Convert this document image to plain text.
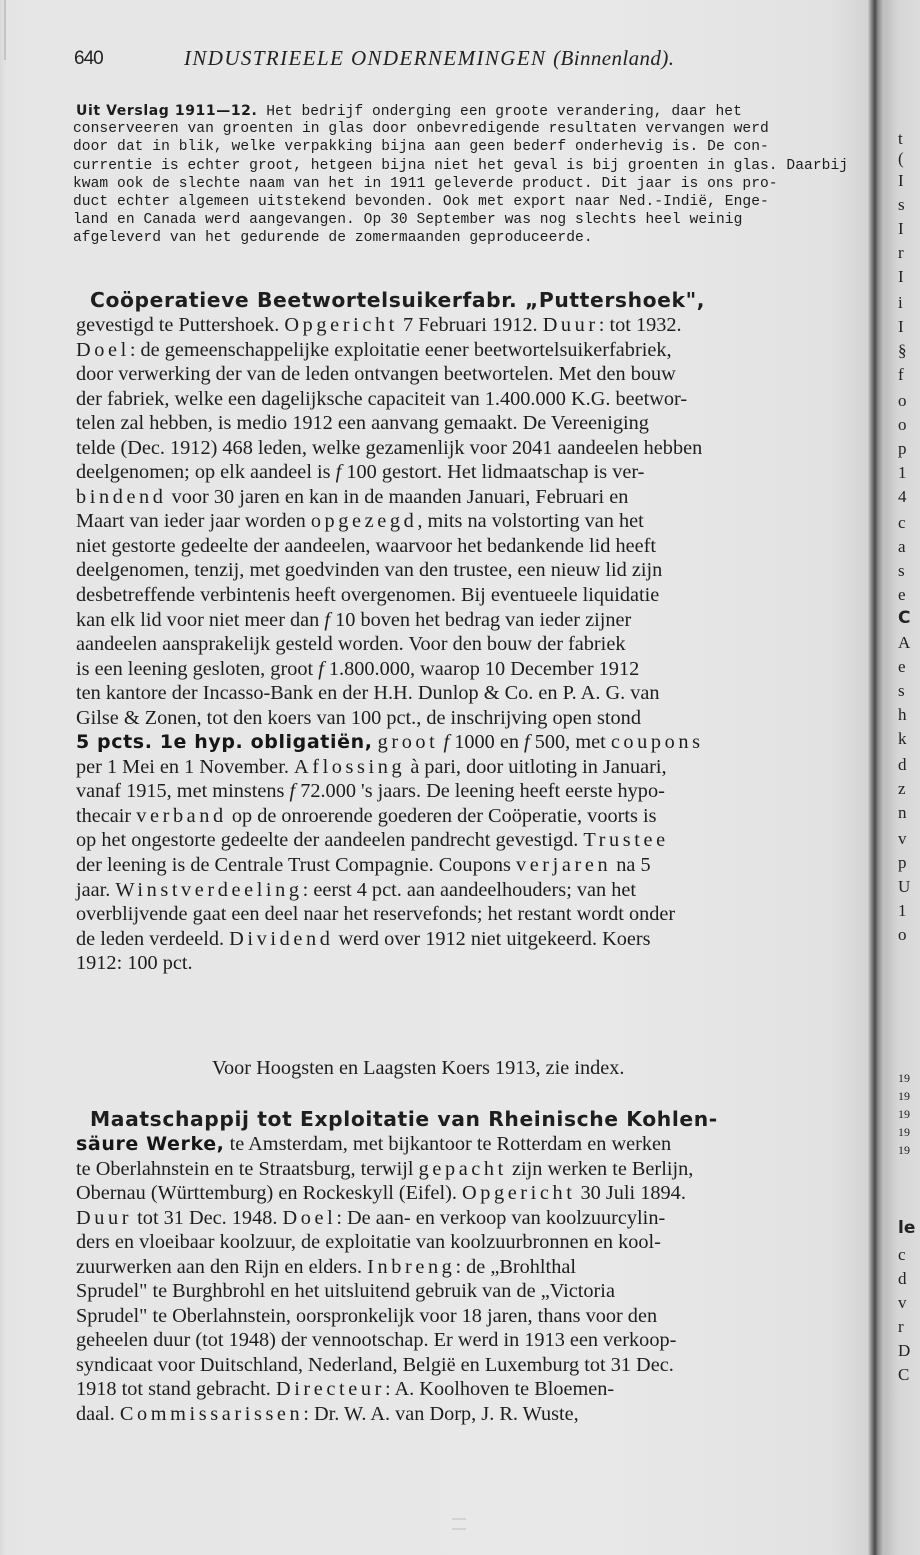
640	INDUSTRIEELE ONDERNEMINGEN (Binnenland).
Uit Verslag 1911—12. Het bedrijf onderging een groote verandering, daar het
conserveeren van groenten in glas door onbevredigende resultaten vervangen werd
door dat in blik, welke verpakking bijna aan geen bederf onderhevig is. De con-
currentie is echter groot, hetgeen bijna niet het geval is bij groenten in glas. Daarbij
kwam ook de slechte naam van het in 1911 geleverde product. Dit jaar is ons pro-
duct echter algemeen uitstekend bevonden. Ook met export naar Ned.-Indië, Enge-
land en Canada werd aangevangen. Op 30 September was nog slechts heel weinig
afgeleverd van het gedurende de zomermaanden geproduceerde.
Coöperatieve Beetwortelsuikerfabr. „Puttershoek",
gevestigd te Puttershoek. Opgericht 7 Februari 1912. Duur: tot 1932.
Doel: de gemeenschappelijke exploitatie eener beetwortelsuikerfabriek,
door verwerking der van de leden ontvangen beetwortelen. Met den bouw
der fabriek, welke een dagelijksche capaciteit van 1.400.000 K.G. beetwor-
telen zal hebben, is medio 1912 een aanvang gemaakt. De Vereeniging
telde (Dec. 1912) 468 leden, welke gezamenlijk voor 2041 aandeelen hebben
deelgenomen; op elk aandeel is f 100 gestort. Het lidmaatschap is ver-
bindend voor 30 jaren en kan in de maanden Januari, Februari en
Maart van ieder jaar worden opgezegd, mits na volstorting van het
niet gestorte gedeelte der aandeelen, waarvoor het bedankende lid heeft
deelgenomen, tenzij, met goedvinden van den trustee, een nieuw lid zijn
desbetreffende verbintenis heeft overgenomen. Bij eventueele liquidatie
kan elk lid voor niet meer dan f 10 boven het bedrag van ieder zijner
aandeelen aansprakelijk gesteld worden. Voor den bouw der fabriek
is een leening gesloten, groot f 1.800.000, waarop 10 December 1912
ten kantore der Incasso-Bank en der H.H. Dunlop & Co. en P. A. G. van
Gilse & Zonen, tot den koers van 100 pct., de inschrijving open stond
5 pcts. 1e hyp. obligatiën, groot f 1000 en f 500, met coupons
per 1 Mei en 1 November. Aflossing à pari, door uitloting in Januari,
vanaf 1915, met minstens f 72.000 's jaars. De leening heeft eerste hypo-
thecair verband op de onroerende goederen der Coöperatie, voorts is
op het ongestorte gedeelte der aandeelen pandrecht gevestigd. Trustee
der leening is de Centrale Trust Compagnie. Coupons verjaren na 5
jaar. Winstverdeeling: eerst 4 pct. aan aandeelhouders; van het
overblijvende gaat een deel naar het reservefonds; het restant wordt onder
de leden verdeeld. Dividend werd over 1912 niet uitgekeerd. Koers
1912: 100 pct.
Voor Hoogsten en Laagsten Koers 1913, zie index.
Maatschappij tot Exploitatie van Rheinische Kohlen-
säure Werke, te Amsterdam, met bijkantoor te Rotterdam en werken
te Oberlahnstein en te Straatsburg, terwijl gepacht zijn werken te Berlijn,
Obernau (Württemburg) en Rockeskyll (Eifel). Opgericht 30 Juli 1894.
Duur tot 31 Dec. 1948. Doel: De aan- en verkoop van koolzuurcylin-
ders en vloeibaar koolzuur, de exploitatie van koolzuurbronnen en kool-
zuurwerken aan den Rijn en elders. Inbreng: de „Brohlthal
Sprudel" te Burghbrohl en het uitsluitend gebruik van de „Victoria
Sprudel" te Oberlahnstein, oorspronkelijk voor 18 jaren, thans voor den
geheelen duur (tot 1948) der vennootschap. Er werd in 1913 een verkoop-
syndicaat voor Duitschland, Nederland, België en Luxemburg tot 31 Dec.
1918 tot stand gebracht. Directeur: A. Koolhoven te Bloemen-
daal. Commissarissen: Dr. W. A. van Dorp, J. R. Wuste,
t
(
I
s
I
r
I
i
I
§
f
o
o
p
1
4
c
a
s
e
C
A
e
s
h
k
d
z
n
v
p
U
1
o
19
19
19
19
19
le
c
d
v
r
D
C
